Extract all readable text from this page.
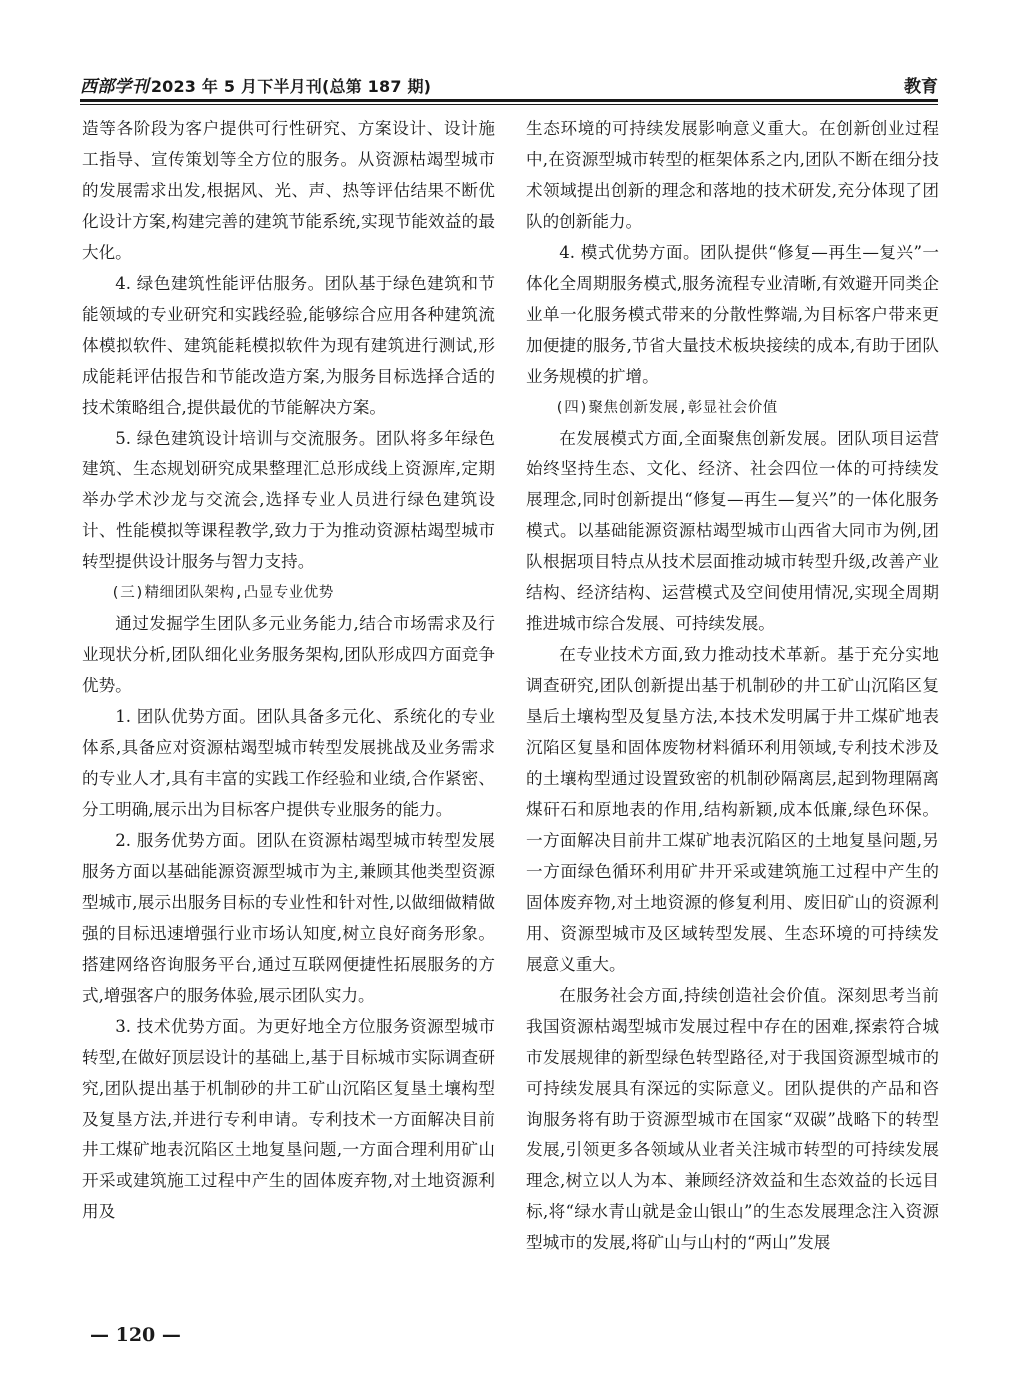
西部学刊 2023 年 5 月下半月刊(总第 187 期)	教育

造等各阶段为客户提供可行性研究、方案设计、设计施工指导、宣传策划等全方位的服务。从资源枯竭型城市的发展需求出发,根据风、光、声、热等评估结果不断优化设计方案,构建完善的建筑节能系统,实现节能效益的最大化。

4. 绿色建筑性能评估服务。团队基于绿色建筑和节能领域的专业研究和实践经验,能够综合应用各种建筑流体模拟软件、建筑能耗模拟软件为现有建筑进行测试,形成能耗评估报告和节能改造方案,为服务目标选择合适的技术策略组合,提供最优的节能解决方案。

5. 绿色建筑设计培训与交流服务。团队将多年绿色建筑、生态规划研究成果整理汇总形成线上资源库,定期举办学术沙龙与交流会,选择专业人员进行绿色建筑设计、性能模拟等课程教学,致力于为推动资源枯竭型城市转型提供设计服务与智力支持。

(三)精细团队架构,凸显专业优势

通过发掘学生团队多元业务能力,结合市场需求及行业现状分析,团队细化业务服务架构,团队形成四方面竞争优势。

1. 团队优势方面。团队具备多元化、系统化的专业体系,具备应对资源枯竭型城市转型发展挑战及业务需求的专业人才,具有丰富的实践工作经验和业绩,合作紧密、分工明确,展示出为目标客户提供专业服务的能力。

2. 服务优势方面。团队在资源枯竭型城市转型发展服务方面以基础能源资源型城市为主,兼顾其他类型资源型城市,展示出服务目标的专业性和针对性,以做细做精做强的目标迅速增强行业市场认知度,树立良好商务形象。搭建网络咨询服务平台,通过互联网便捷性拓展服务的方式,增强客户的服务体验,展示团队实力。

3. 技术优势方面。为更好地全方位服务资源型城市转型,在做好顶层设计的基础上,基于目标城市实际调查研究,团队提出基于机制砂的井工矿山沉陷区复垦土壤构型及复垦方法,并进行专利申请。专利技术一方面解决目前井工煤矿地表沉陷区土地复垦问题,一方面合理利用矿山开采或建筑施工过程中产生的固体废弃物,对土地资源利用及

生态环境的可持续发展影响意义重大。在创新创业过程中,在资源型城市转型的框架体系之内,团队不断在细分技术领域提出创新的理念和落地的技术研发,充分体现了团队的创新能力。

4. 模式优势方面。团队提供“修复—再生—复兴”一体化全周期服务模式,服务流程专业清晰,有效避开同类企业单一化服务模式带来的分散性弊端,为目标客户带来更加便捷的服务,节省大量技术板块接续的成本,有助于团队业务规模的扩增。

(四)聚焦创新发展,彰显社会价值

在发展模式方面,全面聚焦创新发展。团队项目运营始终坚持生态、文化、经济、社会四位一体的可持续发展理念,同时创新提出“修复—再生—复兴”的一体化服务模式。以基础能源资源枯竭型城市山西省大同市为例,团队根据项目特点从技术层面推动城市转型升级,改善产业结构、经济结构、运营模式及空间使用情况,实现全周期推进城市综合发展、可持续发展。

在专业技术方面,致力推动技术革新。基于充分实地调查研究,团队创新提出基于机制砂的井工矿山沉陷区复垦后土壤构型及复垦方法,本技术发明属于井工煤矿地表沉陷区复垦和固体废物材料循环利用领域,专利技术涉及的土壤构型通过设置致密的机制砂隔离层,起到物理隔离煤矸石和原地表的作用,结构新颖,成本低廉,绿色环保。一方面解决目前井工煤矿地表沉陷区的土地复垦问题,另一方面绿色循环利用矿井开采或建筑施工过程中产生的固体废弃物,对土地资源的修复利用、废旧矿山的资源利用、资源型城市及区域转型发展、生态环境的可持续发展意义重大。

在服务社会方面,持续创造社会价值。深刻思考当前我国资源枯竭型城市发展过程中存在的困难,探索符合城市发展规律的新型绿色转型路径,对于我国资源型城市的可持续发展具有深远的实际意义。团队提供的产品和咨询服务将有助于资源型城市在国家“双碳”战略下的转型发展,引领更多各领域从业者关注城市转型的可持续发展理念,树立以人为本、兼顾经济效益和生态效益的长远目标,将“绿水青山就是金山银山”的生态发展理念注入资源型城市的发展,将矿山与山村的“两山”发展

— 120 —
